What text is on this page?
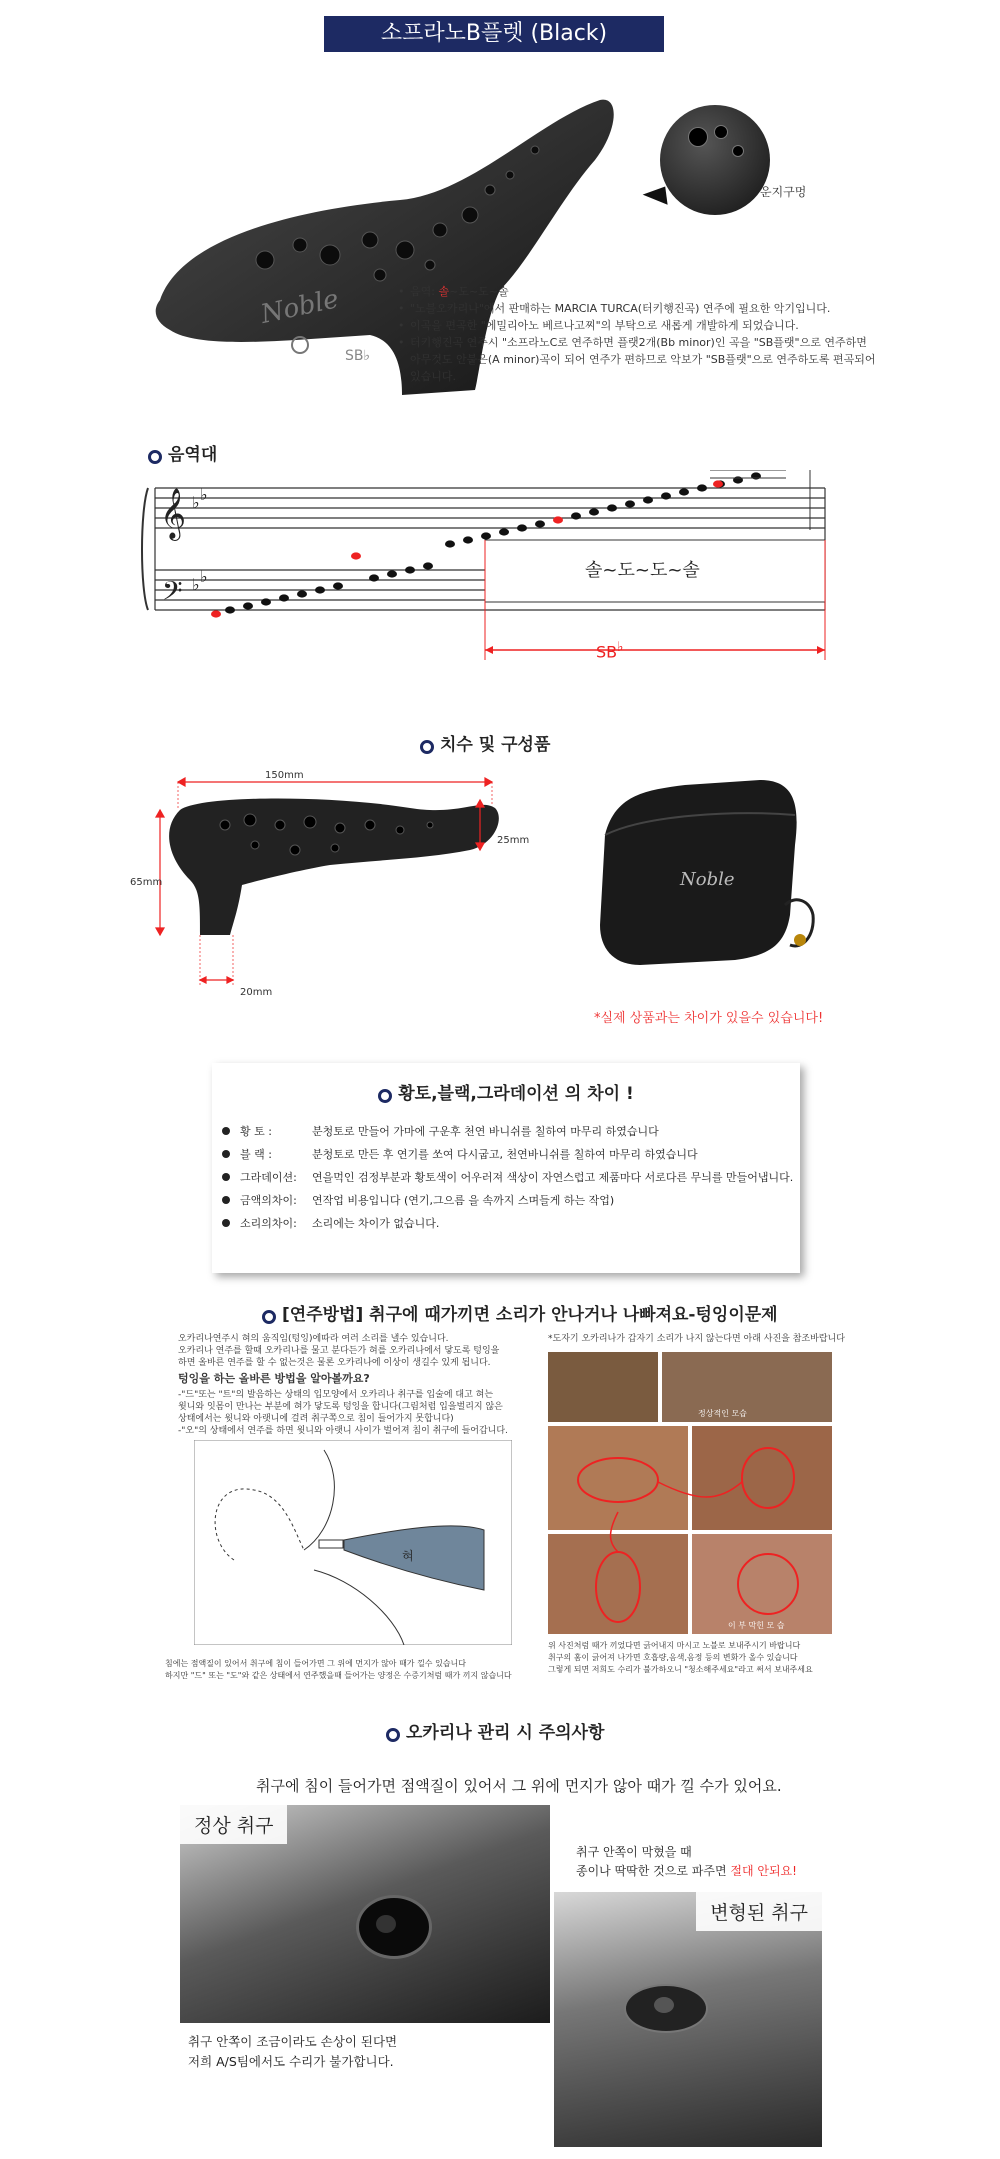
소프라노B플렛 (Black)
Noble
SB♭
운지구멍
• 음역: 솔~도~도~솔
• "노블오카리나"에서 판매하는 MARCIA TURCA(터키행진곡) 연주에 필요한 악기입니다.
• 이곡을 편곡한 "에밀리아노 베르나고찌"의 부탁으로 새롭게 개발하게 되었습니다.
• 터키행진곡 연주시 "소프라노C로 연주하면 플랫2개(Bb minor)인 곡을 "SB플랫"으로 연주하면 아무것도 안붙은(A minor)곡이 되어 연주가 편하므로 악보가 "SB플랫"으로 연주하도록 편곡되어 있습니다.
음역대
𝄞
𝄢
♭ ♭
♭ ♭	솔~도~도~솔
SB♭
치수 및 구성품
150mm
65mm
25mm
20mm
Noble
*실제 상품과는 차이가 있을수 있습니다!
황토,블랙,그라데이션 의 차이 !
황 토 :	분청토로 만들어 가마에 구운후 천연 바니쉬를 칠하여 마무리 하였습니다
블 랙 :	분청토로 만든 후 연기를 쏘여 다시굽고, 천연바니쉬를 칠하여 마무리 하였습니다
그라데이션: 연을먹인 검정부분과 황토색이 어우러져 색상이 자연스럽고 제품마다 서로다른 무늬를 만들어냅니다.
금액의차이: 연작업 비용입니다 (연기,그으름 을 속까지 스며들게 하는 작업)
소리의차이: 소리에는 차이가 없습니다.
[연주방법] 취구에 때가끼면 소리가 안나거나 나빠져요-텅잉이문제
오카리나연주시 혀의 움직임(텅잉)에따라 여러 소리를 낼수 있습니다.
오카리나 연주를 할때 오카리나를 물고 분다든가 혀를 오카리나에서 닿도록 텅잉을
하면 올바른 연주를 할 수 없는것은 물론 오카리나에 이상이 생길수 있게 됩니다.
텅잉을 하는 올바른 방법을 알아볼까요?
-"드"또는 "트"의 발음하는 상태의 입모양에서 오카리나 취구를 입술에 대고 혀는
윗니와 잇몸이 만나는 부분에 혀가 닿도록 텅잉을 합니다(그림처럼 입을벌리지 않은
상태에서는 윗니와 아랫니에 걸려 취구쪽으로 침이 들어가지 못합니다)
-"오"의 상태에서 연주를 하면 윗니와 아랫니 사이가 벌어져 침이 취구에 들어갑니다.
혀
침에는 점액질이 있어서 취구에 침이 들어가면 그 위에 먼지가 않아 때가 낄수 있습니다
하지만 "드" 또는 "도"와 같은 상태에서 연주했을때 들어가는 양정은 수증기처럼 때가 끼지 않습니다
*도자기 오카리나가 갑자기 소리가 나지 않는다면 아래 사진을 참조바랍니다
정상적인 모습
이 부 막힌 모 습
위 사진처럼 때가 끼었다면 긁어내지 마시고 노블로 보내주시기 바랍니다
취구의 홈이 긁어져 나가면 호흡량,음색,음정 등의 변화가 올수 있습니다
그렇게 되면 저희도 수리가 불가하오니 "청소해주세요"라고 써서 보내주세요
오카리나 관리 시 주의사항
취구에 침이 들어가면 점액질이 있어서 그 위에 먼지가 않아 때가 낄 수가 있어요.
정상 취구
취구 안쪽이 막혔을 때
종이나 딱딱한 것으로 파주면 절대 안되요!
변형된 취구
취구 안쪽이 조금이라도 손상이 된다면
저희 A/S팀에서도 수리가 불가합니다.
